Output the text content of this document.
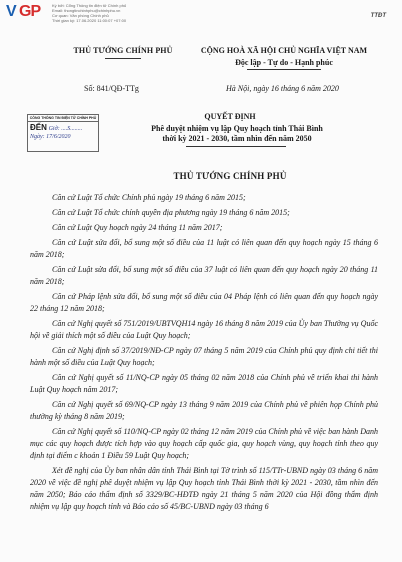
V GP	Ký bởi: Cổng Thông tin điện tử Chính phủ
Email: thongtinchinhphu@chinhphu.vn
Cơ quan: Văn phòng Chính phủ
Thời gian ký: 17.06.2020 11:00:07 +07:00
TTĐT
THỦ TƯỚNG CHÍNH PHỦ	CỘNG HOÀ XÃ HỘI CHỦ NGHĨA VIỆT NAM
Độc lập - Tự do - Hạnh phúc
Số: 841/QĐ-TTg	Hà Nội, ngày 16 tháng 6 năm 2020
CÔNG THÔNG TIN ĐIỆN TỬ CHÍNH PHỦ
ĐẾN Giờ: ....S........
Ngày: 17/6/2020
QUYẾT ĐỊNH
Phê duyệt nhiệm vụ lập Quy hoạch tỉnh Thái Bình
thời kỳ 2021 - 2030, tầm nhìn đến năm 2050
THỦ TƯỚNG CHÍNH PHỦ

Căn cứ Luật Tổ chức Chính phủ ngày 19 tháng 6 năm 2015;

Căn cứ Luật Tổ chức chính quyền địa phương ngày 19 tháng 6 năm 2015;

Căn cứ Luật Quy hoạch ngày 24 tháng 11 năm 2017;

Căn cứ Luật sửa đổi, bổ sung một số điều của 11 luật có liên quan đến quy hoạch ngày 15 tháng 6 năm 2018;

Căn cứ Luật sửa đổi, bổ sung một số điều của 37 luật có liên quan đến quy hoạch ngày 20 tháng 11 năm 2018;

Căn cứ Pháp lệnh sửa đổi, bổ sung một số điều của 04 Pháp lệnh có liên quan đến quy hoạch ngày 22 tháng 12 năm 2018;

Căn cứ Nghị quyết số 751/2019/UBTVQH14 ngày 16 tháng 8 năm 2019 của Ủy ban Thường vụ Quốc hội về giải thích một số điều của Luật Quy hoạch;

Căn cứ Nghị định số 37/2019/NĐ-CP ngày 07 tháng 5 năm 2019 của Chính phủ quy định chi tiết thi hành một số điều của Luật Quy hoạch;

Căn cứ Nghị quyết số 11/NQ-CP ngày 05 tháng 02 năm 2018 của Chính phủ về triển khai thi hành Luật Quy hoạch năm 2017;

Căn cứ Nghị quyết số 69/NQ-CP ngày 13 tháng 9 năm 2019 của Chính phủ về phiên họp Chính phủ thường kỳ tháng 8 năm 2019;

Căn cứ Nghị quyết số 110/NQ-CP ngày 02 tháng 12 năm 2019 của Chính phủ về việc ban hành Danh mục các quy hoạch được tích hợp vào quy hoạch cấp quốc gia, quy hoạch vùng, quy hoạch tỉnh theo quy định tại điểm c khoản 1 Điều 59 Luật Quy hoạch;

Xét đề nghị của Ủy ban nhân dân tỉnh Thái Bình tại Tờ trình số 115/TTr-UBND ngày 03 tháng 6 năm 2020 về việc đề nghị phê duyệt nhiệm vụ lập Quy hoạch tỉnh Thái Bình thời kỳ 2021 - 2030, tầm nhìn đến năm 2050; Báo cáo thẩm định số 3329/BC-HĐTĐ ngày 21 tháng 5 năm 2020 của Hội đồng thẩm định nhiệm vụ lập quy hoạch tỉnh và Báo cáo số 45/BC-UBND ngày 03 tháng 6
